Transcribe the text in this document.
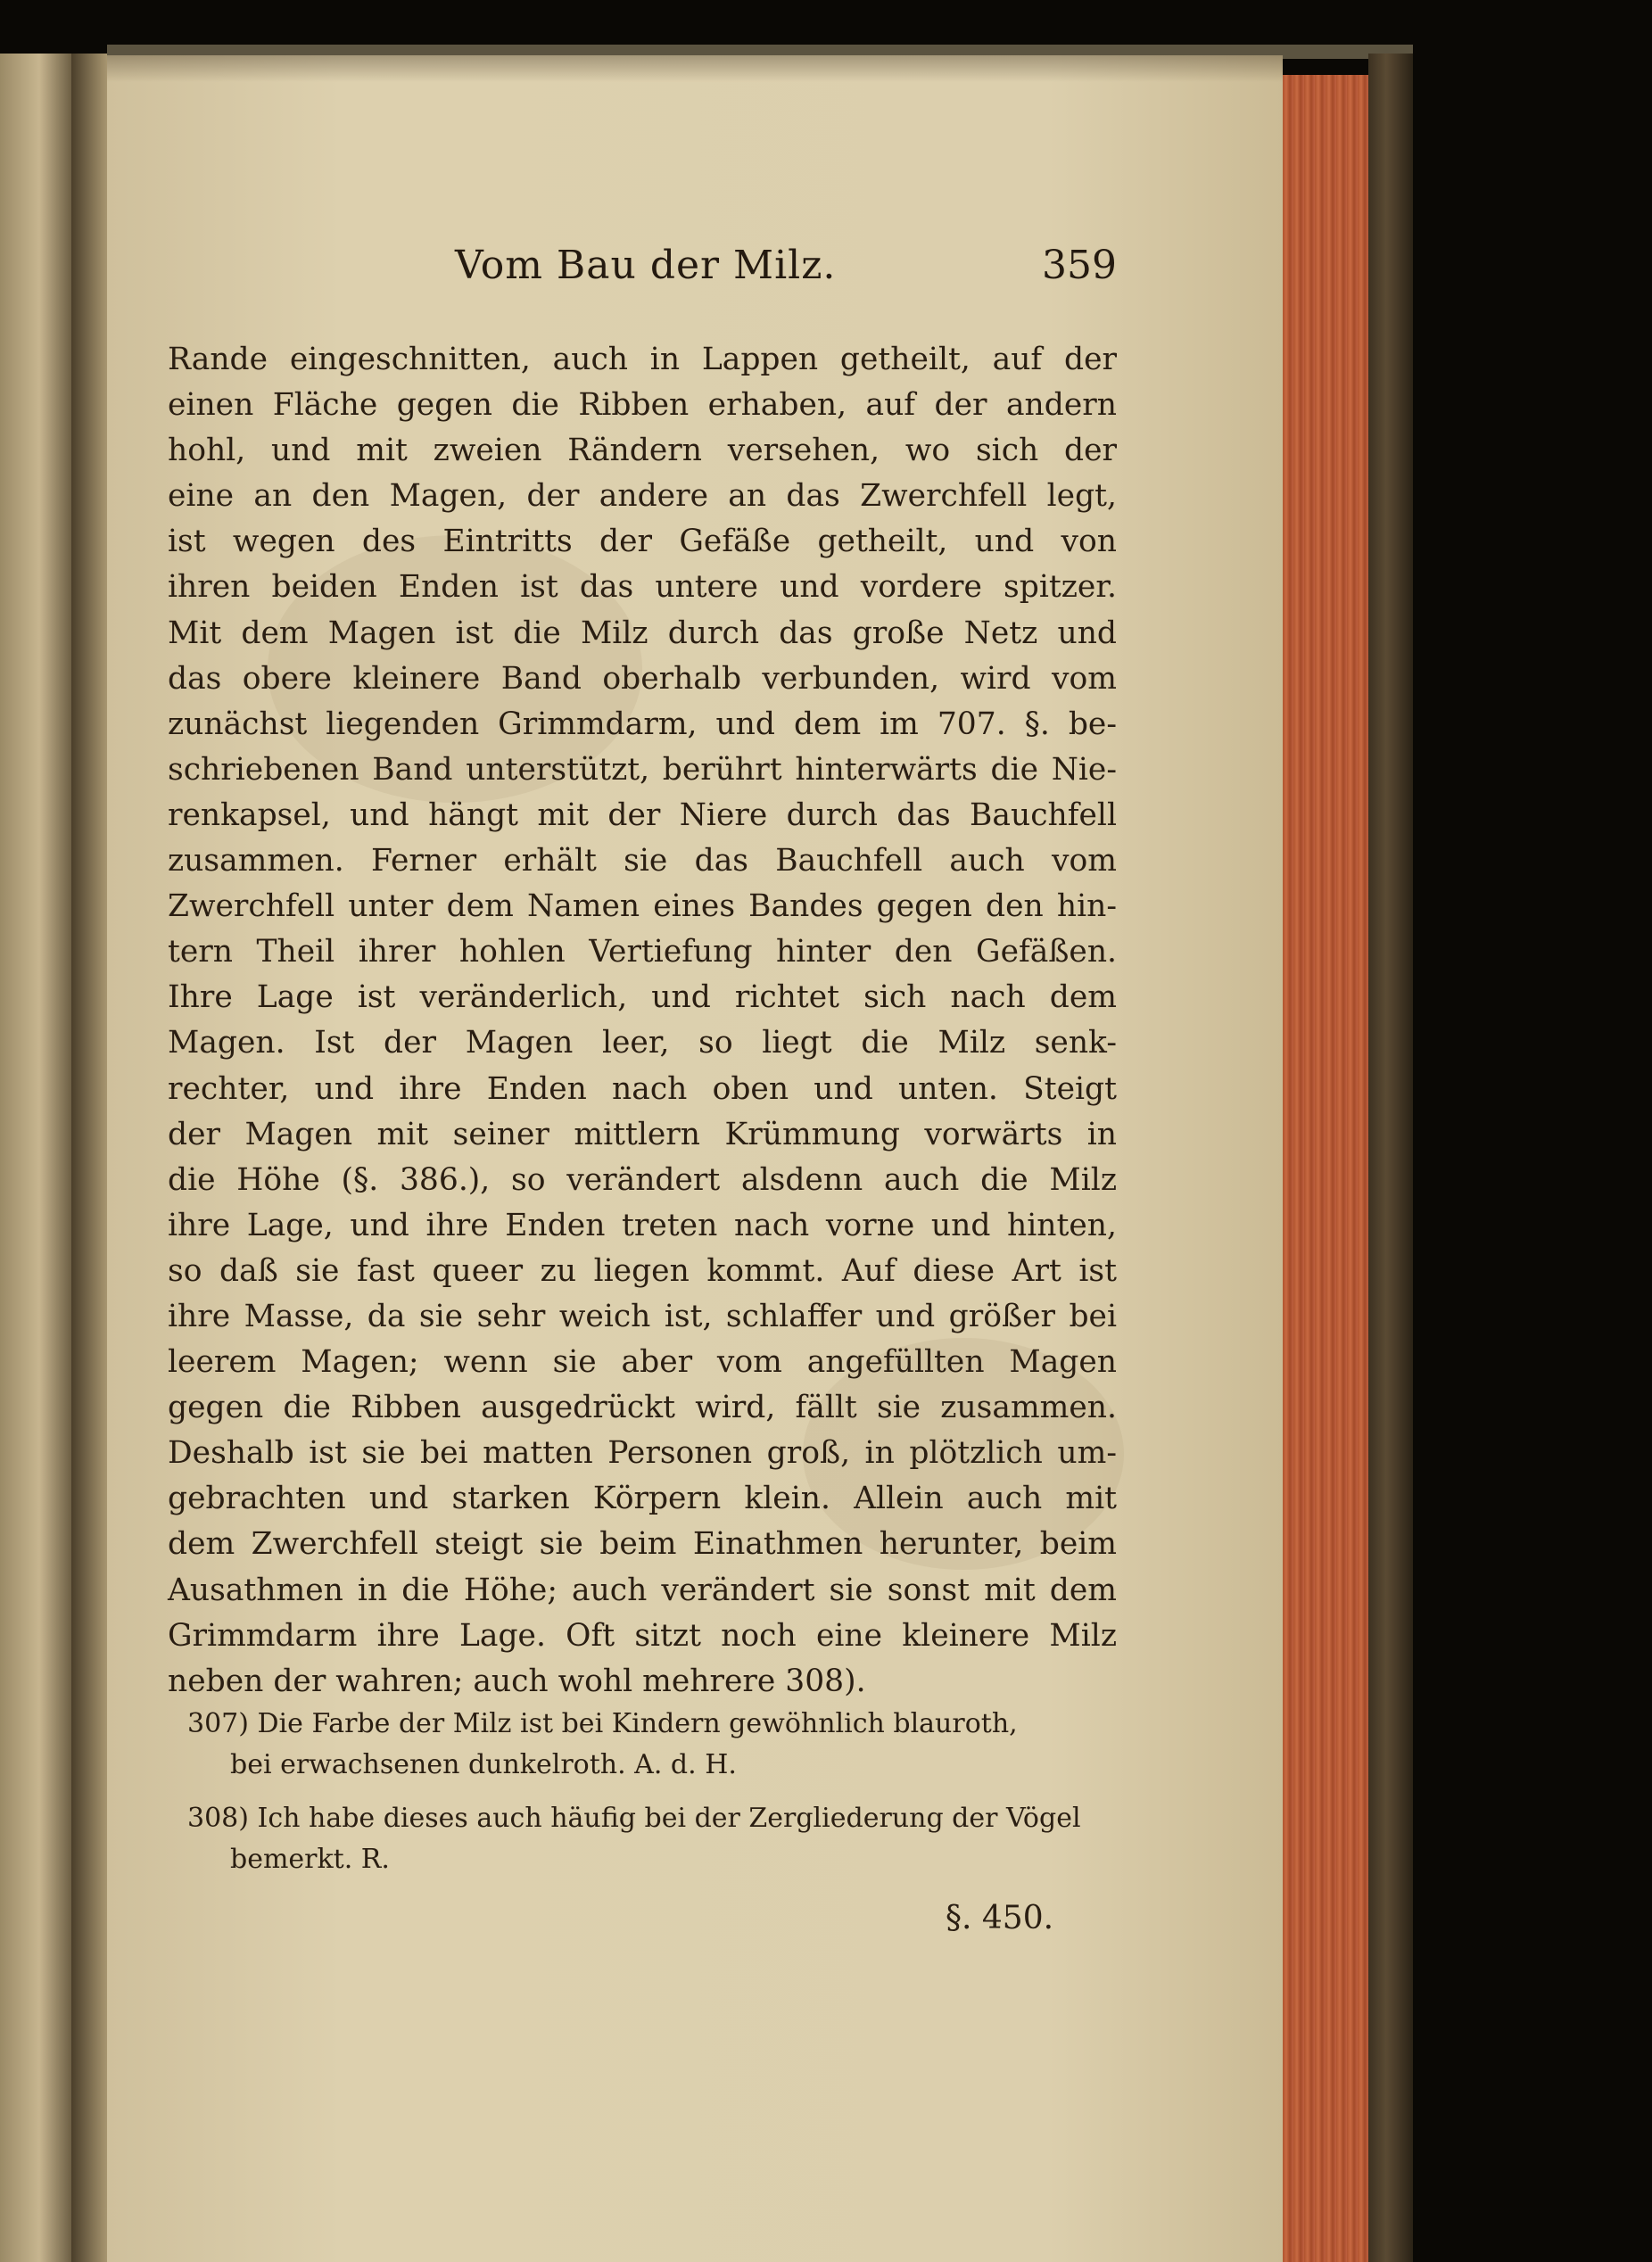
Vom Bau der Milz.	359
Rande eingeschnitten, auch in Lappen getheilt, auf der
einen Fläche gegen die Ribben erhaben, auf der andern
hohl, und mit zweien Rändern versehen, wo sich der
eine an den Magen, der andere an das Zwerchfell legt,
ist wegen des Eintritts der Gefäße getheilt, und von
ihren beiden Enden ist das untere und vordere spitzer.
Mit dem Magen ist die Milz durch das große Netz und
das obere kleinere Band oberhalb verbunden, wird vom
zunächst liegenden Grimmdarm, und dem im 707. §. be-
schriebenen Band unterstützt, berührt hinterwärts die Nie-
renkapsel, und hängt mit der Niere durch das Bauchfell
zusammen. Ferner erhält sie das Bauchfell auch vom
Zwerchfell unter dem Namen eines Bandes gegen den hin-
tern Theil ihrer hohlen Vertiefung hinter den Gefäßen.
Ihre Lage ist veränderlich, und richtet sich nach dem
Magen. Ist der Magen leer, so liegt die Milz senk-
rechter, und ihre Enden nach oben und unten. Steigt
der Magen mit seiner mittlern Krümmung vorwärts in
die Höhe (§. 386.), so verändert alsdenn auch die Milz
ihre Lage, und ihre Enden treten nach vorne und hinten,
so daß sie fast queer zu liegen kommt. Auf diese Art ist
ihre Masse, da sie sehr weich ist, schlaffer und größer bei
leerem Magen; wenn sie aber vom angefüllten Magen
gegen die Ribben ausgedrückt wird, fällt sie zusammen.
Deshalb ist sie bei matten Personen groß, in plötzlich um-
gebrachten und starken Körpern klein. Allein auch mit
dem Zwerchfell steigt sie beim Einathmen herunter, beim
Ausathmen in die Höhe; auch verändert sie sonst mit dem
Grimmdarm ihre Lage. Oft sitzt noch eine kleinere Milz
neben der wahren; auch wohl mehrere 308).
307) Die Farbe der Milz ist bei Kindern gewöhnlich blauroth,
bei erwachsenen dunkelroth. A. d. H.
308) Ich habe dieses auch häufig bei der Zergliederung der Vögel
bemerkt. R.
§. 450.
